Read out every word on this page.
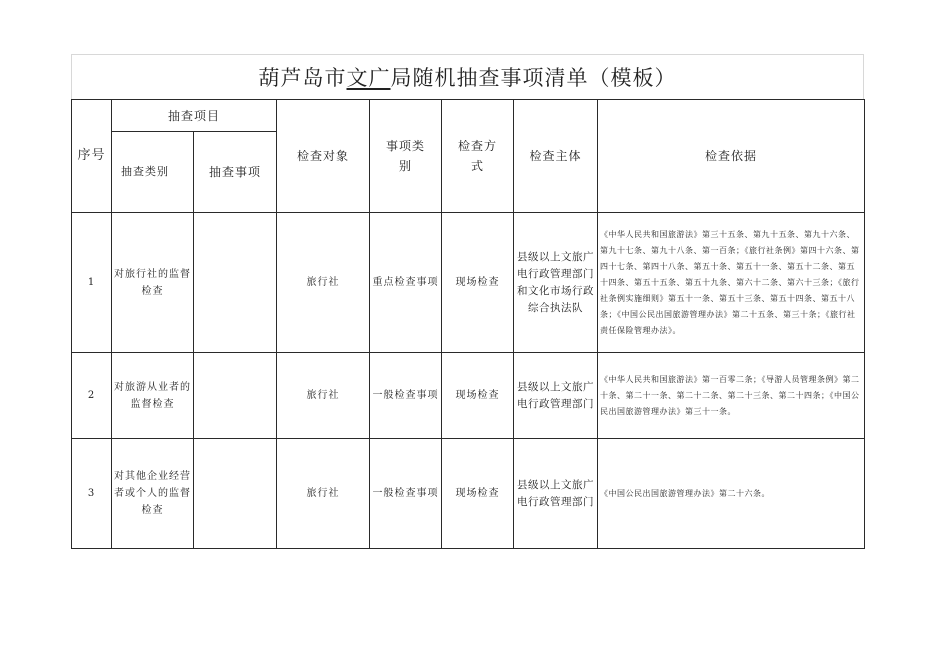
葫芦岛市 文广 局随机抽查事项清单（模板）
序号	抽查项目		检查对象	事项类别	检查方式	检查主体	检查依据
	抽查类别	抽查事项					
1	对旅行社的监督检查		旅行社	重点检查事项	现场检查	县级以上文旅广电行政管理部门和文化市场行政综合执法队	《中华人民共和国旅游法》第三十五条、第九十五条、第九十六条、第九十七条、第九十八条、第一百条；《旅行社条例》第四十六条、第四十七条、第四十八条、第五十条、第五十一条、第五十二条、第五十四条、第五十五条、第五十九条、第六十二条、第六十三条；《旅行社条例实施细则》第五十一条、第五十三条、第五十四条、第五十八条；《中国公民出国旅游管理办法》第二十五条、第三十条；《旅行社责任保险管理办法》。
2	对旅游从业者的监督检查		旅行社	一般检查事项	现场检查	县级以上文旅广电行政管理部门	《中华人民共和国旅游法》第一百零二条；《导游人员管理条例》第二十条、第二十一条、第二十二条、第二十三条、第二十四条；《中国公民出国旅游管理办法》第三十一条。
3	对其他企业经营者或个人的监督检查		旅行社	一般检查事项	现场检查	县级以上文旅广电行政管理部门	《中国公民出国旅游管理办法》第二十六条。
